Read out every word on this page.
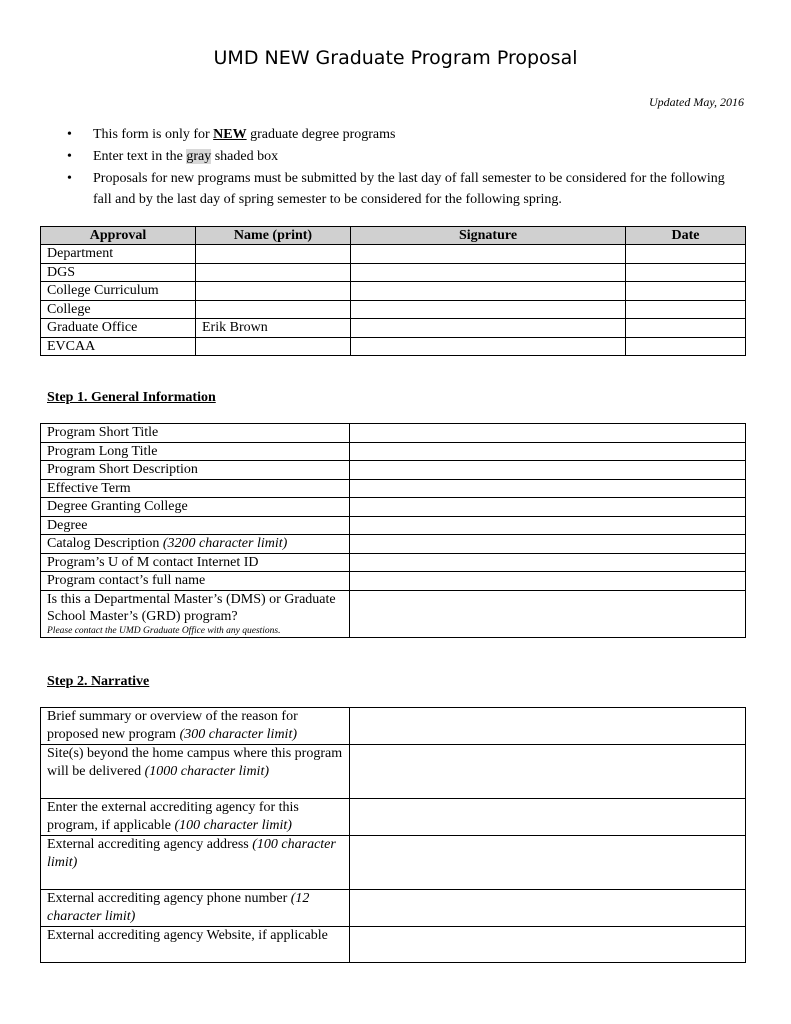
UMD NEW Graduate Program Proposal
Updated May, 2016
• This form is only for NEW graduate degree programs
• Enter text in the gray shaded box
• Proposals for new programs must be submitted by the last day of fall semester to be considered for the following fall and by the last day of spring semester to be considered for the following spring.
Approval	Name (print)	Signature	Date
Department			
DGS			
College Curriculum			
College			
Graduate Office	Erik Brown		
EVCAA			
Step 1. General Information
Program Short Title	
Program Long Title	
Program Short Description	
Effective Term	
Degree Granting College	
Degree	
Catalog Description (3200 character limit)	
Program’s U of M contact Internet ID	
Program contact’s full name	
Is this a Departmental Master’s (DMS) or Graduate School Master’s (GRD) program?
Please contact the UMD Graduate Office with any questions.	

Step 2. Narrative
Brief summary or overview of the reason for proposed new program (300 character limit)	
Site(s) beyond the home campus where this program will be delivered (1000 character limit)	
Enter the external accrediting agency for this program, if applicable (100 character limit)	
External accrediting agency address (100 character limit)	
External accrediting agency phone number (12 character limit)	
External accrediting agency Website, if applicable	
